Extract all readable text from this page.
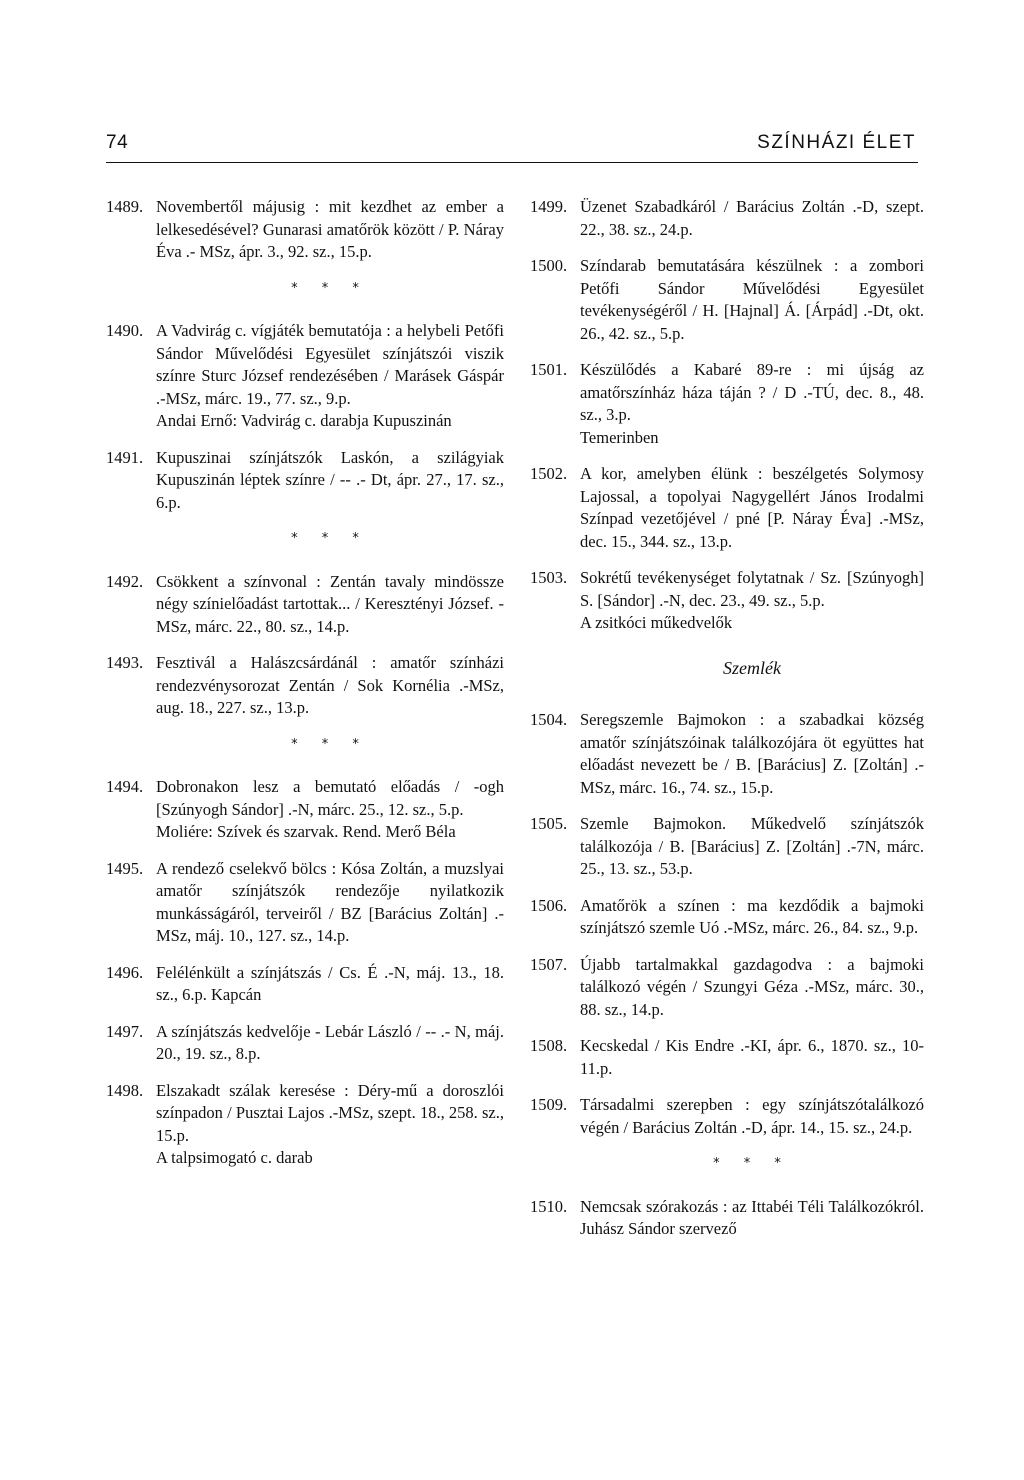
74	SZÍNHÁZI ÉLET
1489. Novembertől májusig : mit kezdhet az ember a lelkesedésével? Gunarasi amatőrök között / P. Náray Éva .- MSz, ápr. 3., 92. sz., 15.p.
* * *
1490. A Vadvirág c. vígjáték bemutatója : a helybeli Petőfi Sándor Művelődési Egyesület színjátszói viszik színre Sturc József rendezésében / Marásek Gáspár .-MSz, márc. 19., 77. sz., 9.p.
Andai Ernő: Vadvirág c. darabja Kupuszinán
1491. Kupuszinai színjátszók Laskón, a szilágyiak Kupuszinán léptek színre / -- .- Dt, ápr. 27., 17. sz., 6.p.
* * *
1492. Csökkent a színvonal : Zentán tavaly mindössze négy színielőadást tartottak... / Keresztényi József. - MSz, márc. 22., 80. sz., 14.p.
1493. Fesztivál a Halászcsárdánál : amatőr színházi rendezvénysorozat Zentán / Sok Kornélia .-MSz, aug. 18., 227. sz., 13.p.
* * *
1494. Dobronakon lesz a bemutató előadás / -ogh [Szúnyogh Sándor] .-N, márc. 25., 12. sz., 5.p.
Moliére: Szívek és szarvak. Rend. Merő Béla
1495. A rendező cselekvő bölcs : Kósa Zoltán, a muzslyai amatőr színjátszók rendezője nyilatkozik munkásságáról, terveiről / BZ [Barácius Zoltán] .-MSz, máj. 10., 127. sz., 14.p.
1496. Felélénkült a színjátszás / Cs. É .-N, máj. 13., 18. sz., 6.p. Kapcán
1497. A színjátszás kedvelője - Lebár László / -- .- N, máj. 20., 19. sz., 8.p.
1498. Elszakadt szálak keresése : Déry-mű a doroszlói színpadon / Pusztai Lajos .-MSz, szept. 18., 258. sz., 15.p.
A talpsimogató c. darab
1499. Üzenet Szabadkáról / Barácius Zoltán .-D, szept. 22., 38. sz., 24.p.
1500. Színdarab bemutatására készülnek : a zombori Petőfi Sándor Művelődési Egyesület tevékenységéről / H. [Hajnal] Á. [Árpád] .-Dt, okt. 26., 42. sz., 5.p.
1501. Készülődés a Kabaré 89-re : mi újság az amatőrszínház háza táján ? / D .-TÚ, dec. 8., 48. sz., 3.p.
Temerinben
1502. A kor, amelyben élünk : beszélgetés Solymosy Lajossal, a topolyai Nagygellért János Irodalmi Színpad vezetőjével / pné [P. Náray Éva] .-MSz, dec. 15., 344. sz., 13.p.
1503. Sokrétű tevékenységet folytatnak / Sz. [Szúnyogh] S. [Sándor] .-N, dec. 23., 49. sz., 5.p.
A zsitkóci műkedvelők
Szemlék
1504. Seregszemle Bajmokon : a szabadkai község amatőr színjátszóinak találkozójára öt együttes hat előadást nevezett be / B. [Barácius] Z. [Zoltán] .-MSz, márc. 16., 74. sz., 15.p.
1505. Szemle Bajmokon. Műkedvelő színjátszók találkozója / B. [Barácius] Z. [Zoltán] .-7N, márc. 25., 13. sz., 53.p.
1506. Amatőrök a színen : ma kezdődik a bajmoki színjátszó szemle Uó .-MSz, márc. 26., 84. sz., 9.p.
1507. Újabb tartalmakkal gazdagodva : a bajmoki találkozó végén / Szungyi Géza .-MSz, márc. 30., 88. sz., 14.p.
1508. Kecskedal / Kis Endre .-KI, ápr. 6., 1870. sz., 10-11.p.
1509. Társadalmi szerepben : egy színjátszótalálkozó végén / Barácius Zoltán .-D, ápr. 14., 15. sz., 24.p.
* * *
1510. Nemcsak szórakozás : az Ittabéi Téli Találkozókról. Juhász Sándor szervező
